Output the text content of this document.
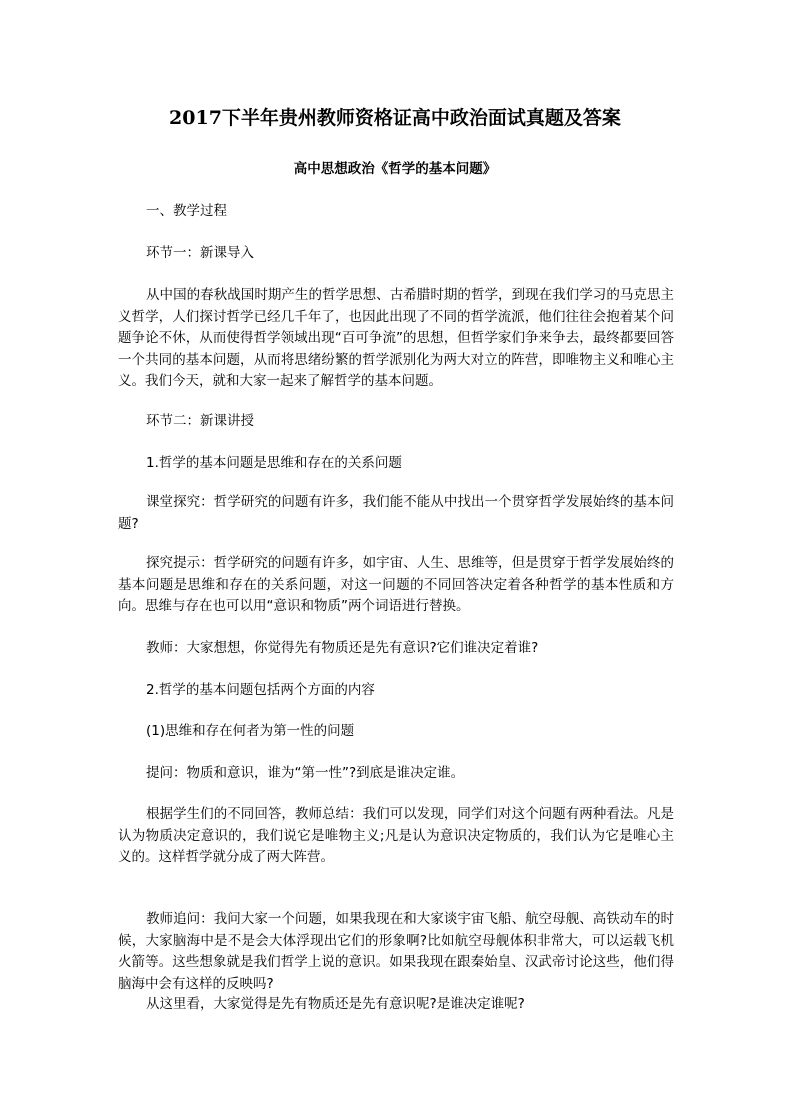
2017下半年贵州教师资格证高中政治面试真题及答案
高中思想政治《哲学的基本问题》

一、教学过程

环节一：新课导入

从中国的春秋战国时期产生的哲学思想、古希腊时期的哲学，到现在我们学习的马克思主义哲学，人们探讨哲学已经几千年了，也因此出现了不同的哲学流派，他们往往会抱着某个问题争论不休，从而使得哲学领域出现“百可争流”的思想，但哲学家们争来争去，最终都要回答一个共同的基本问题，从而将思绪纷繁的哲学派别化为两大对立的阵营，即唯物主义和唯心主义。我们今天，就和大家一起来了解哲学的基本问题。

环节二：新课讲授

1.哲学的基本问题是思维和存在的关系问题

课堂探究：哲学研究的问题有许多，我们能不能从中找出一个贯穿哲学发展始终的基本问题?

探究提示：哲学研究的问题有许多，如宇宙、人生、思维等，但是贯穿于哲学发展始终的基本问题是思维和存在的关系问题，对这一问题的不同回答决定着各种哲学的基本性质和方向。思维与存在也可以用“意识和物质”两个词语进行替换。

教师：大家想想，你觉得先有物质还是先有意识?它们谁决定着谁?

2.哲学的基本问题包括两个方面的内容

(1)思维和存在何者为第一性的问题

提问：物质和意识，谁为“第一性”?到底是谁决定谁。

根据学生们的不同回答，教师总结：我们可以发现，同学们对这个问题有两种看法。凡是认为物质决定意识的，我们说它是唯物主义;凡是认为意识决定物质的，我们认为它是唯心主义的。这样哲学就分成了两大阵营。

教师追问：我问大家一个问题，如果我现在和大家谈宇宙飞船、航空母舰、高铁动车的时候，大家脑海中是不是会大体浮现出它们的形象啊?比如航空母舰体积非常大，可以运载飞机火箭等。这些想象就是我们哲学上说的意识。如果我现在跟秦始皇、汉武帝讨论这些，他们得脑海中会有这样的反映吗?

从这里看，大家觉得是先有物质还是先有意识呢?是谁决定谁呢?
